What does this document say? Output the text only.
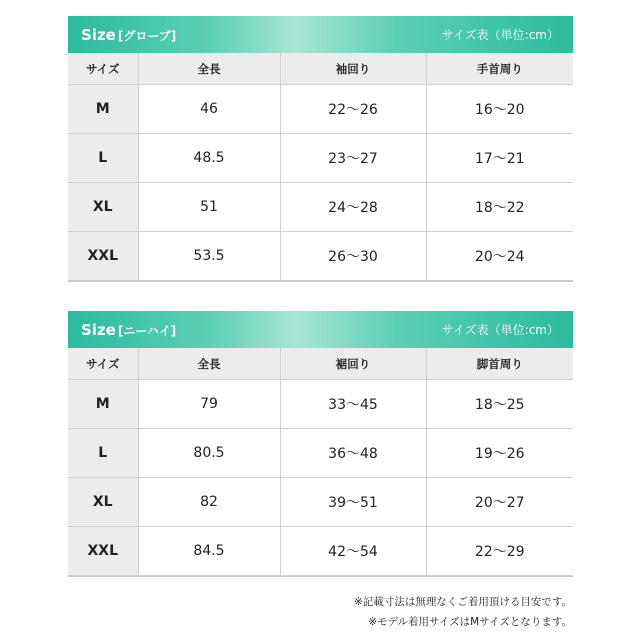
Size [グローブ]	サイズ表（単位:cm）
サイズ	全長	袖回り	手首周り
M	46	22～26	16～20
L	48.5	23～27	17～21
XL	51	24～28	18～22
XXL	53.5	26～30	20～24
Size [ニーハイ]	サイズ表（単位:cm）
サイズ	全長	裾回り	脚首周り
M	79	33～45	18～25
L	80.5	36～48	19～26
XL	82	39～51	20～27
XXL	84.5	42～54	22～29
※記載寸法は無理なくご着用頂ける目安です。
※モデル着用サイズはMサイズとなります。
